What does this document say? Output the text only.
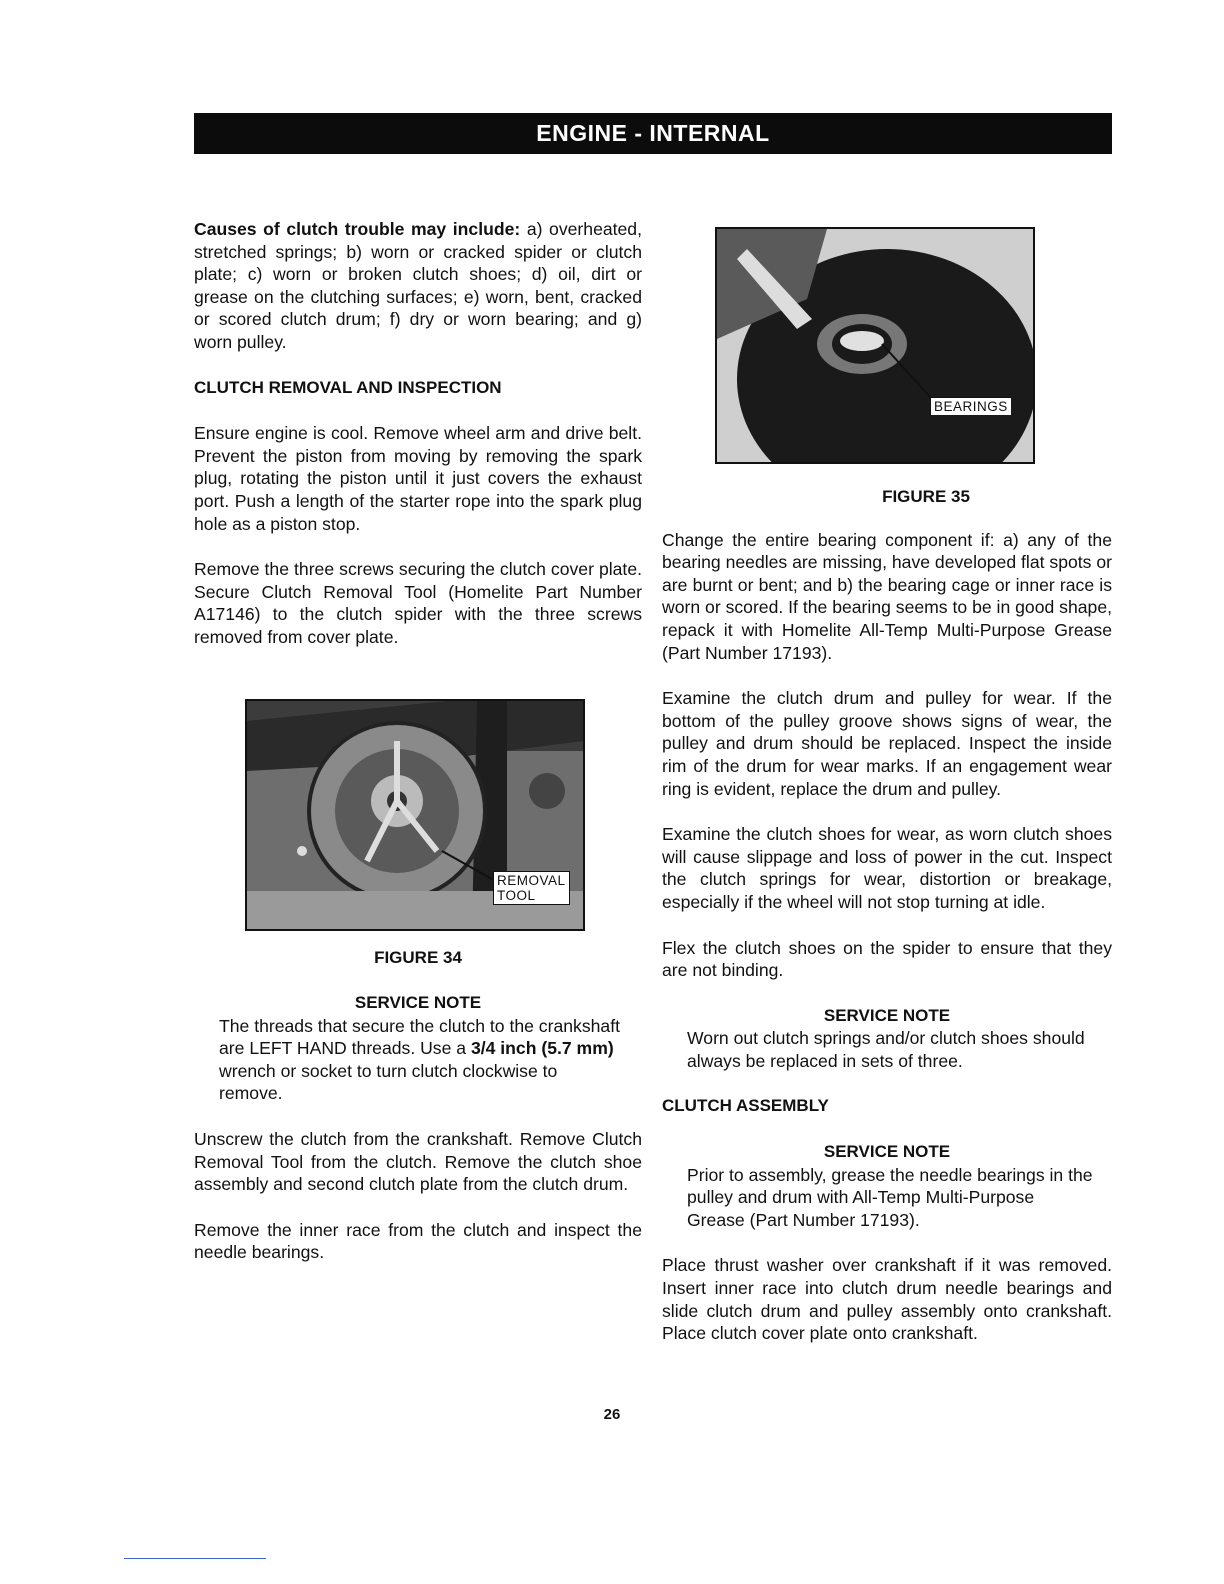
ENGINE - INTERNAL

Causes of clutch trouble may include: a) overheated, stretched springs; b) worn or cracked spider or clutch plate; c) worn or broken clutch shoes; d) oil, dirt or grease on the clutching surfaces; e) worn, bent, cracked or scored clutch drum; f) dry or worn bearing; and g) worn pulley.

CLUTCH REMOVAL AND INSPECTION

Ensure engine is cool. Remove wheel arm and drive belt. Prevent the piston from moving by removing the spark plug, rotating the piston until it just covers the exhaust port. Push a length of the starter rope into the spark plug hole as a piston stop.

Remove the three screws securing the clutch cover plate. Secure Clutch Removal Tool (Homelite Part Number A17146) to the clutch spider with the three screws removed from cover plate.

REMOVAL
TOOL
FIGURE 34
SERVICE NOTE

The threads that secure the clutch to the crankshaft are LEFT HAND threads. Use a 3/4 inch (5.7 mm) wrench or socket to turn clutch clockwise to remove.

Unscrew the clutch from the crankshaft. Remove Clutch Removal Tool from the clutch. Remove the clutch shoe assembly and second clutch plate from the clutch drum.

Remove the inner race from the clutch and inspect the needle bearings.

BEARINGS
FIGURE 35

Change the entire bearing component if: a) any of the bearing needles are missing, have developed flat spots or are burnt or bent; and b) the bearing cage or inner race is worn or scored. If the bearing seems to be in good shape, repack it with Homelite All-Temp Multi-Purpose Grease (Part Number 17193).

Examine the clutch drum and pulley for wear. If the bottom of the pulley groove shows signs of wear, the pulley and drum should be replaced. Inspect the inside rim of the drum for wear marks. If an engagement wear ring is evident, replace the drum and pulley.

Examine the clutch shoes for wear, as worn clutch shoes will cause slippage and loss of power in the cut. Inspect the clutch springs for wear, distortion or breakage, especially if the wheel will not stop turning at idle.

Flex the clutch shoes on the spider to ensure that they are not binding.

SERVICE NOTE

Worn out clutch springs and/or clutch shoes should always be replaced in sets of three.

CLUTCH ASSEMBLY
SERVICE NOTE

Prior to assembly, grease the needle bearings in the pulley and drum with All-Temp Multi-Purpose Grease (Part Number 17193).

Place thrust washer over crankshaft if it was removed. Insert inner race into clutch drum needle bearings and slide clutch drum and pulley assembly onto crankshaft. Place clutch cover plate onto crankshaft.

26
